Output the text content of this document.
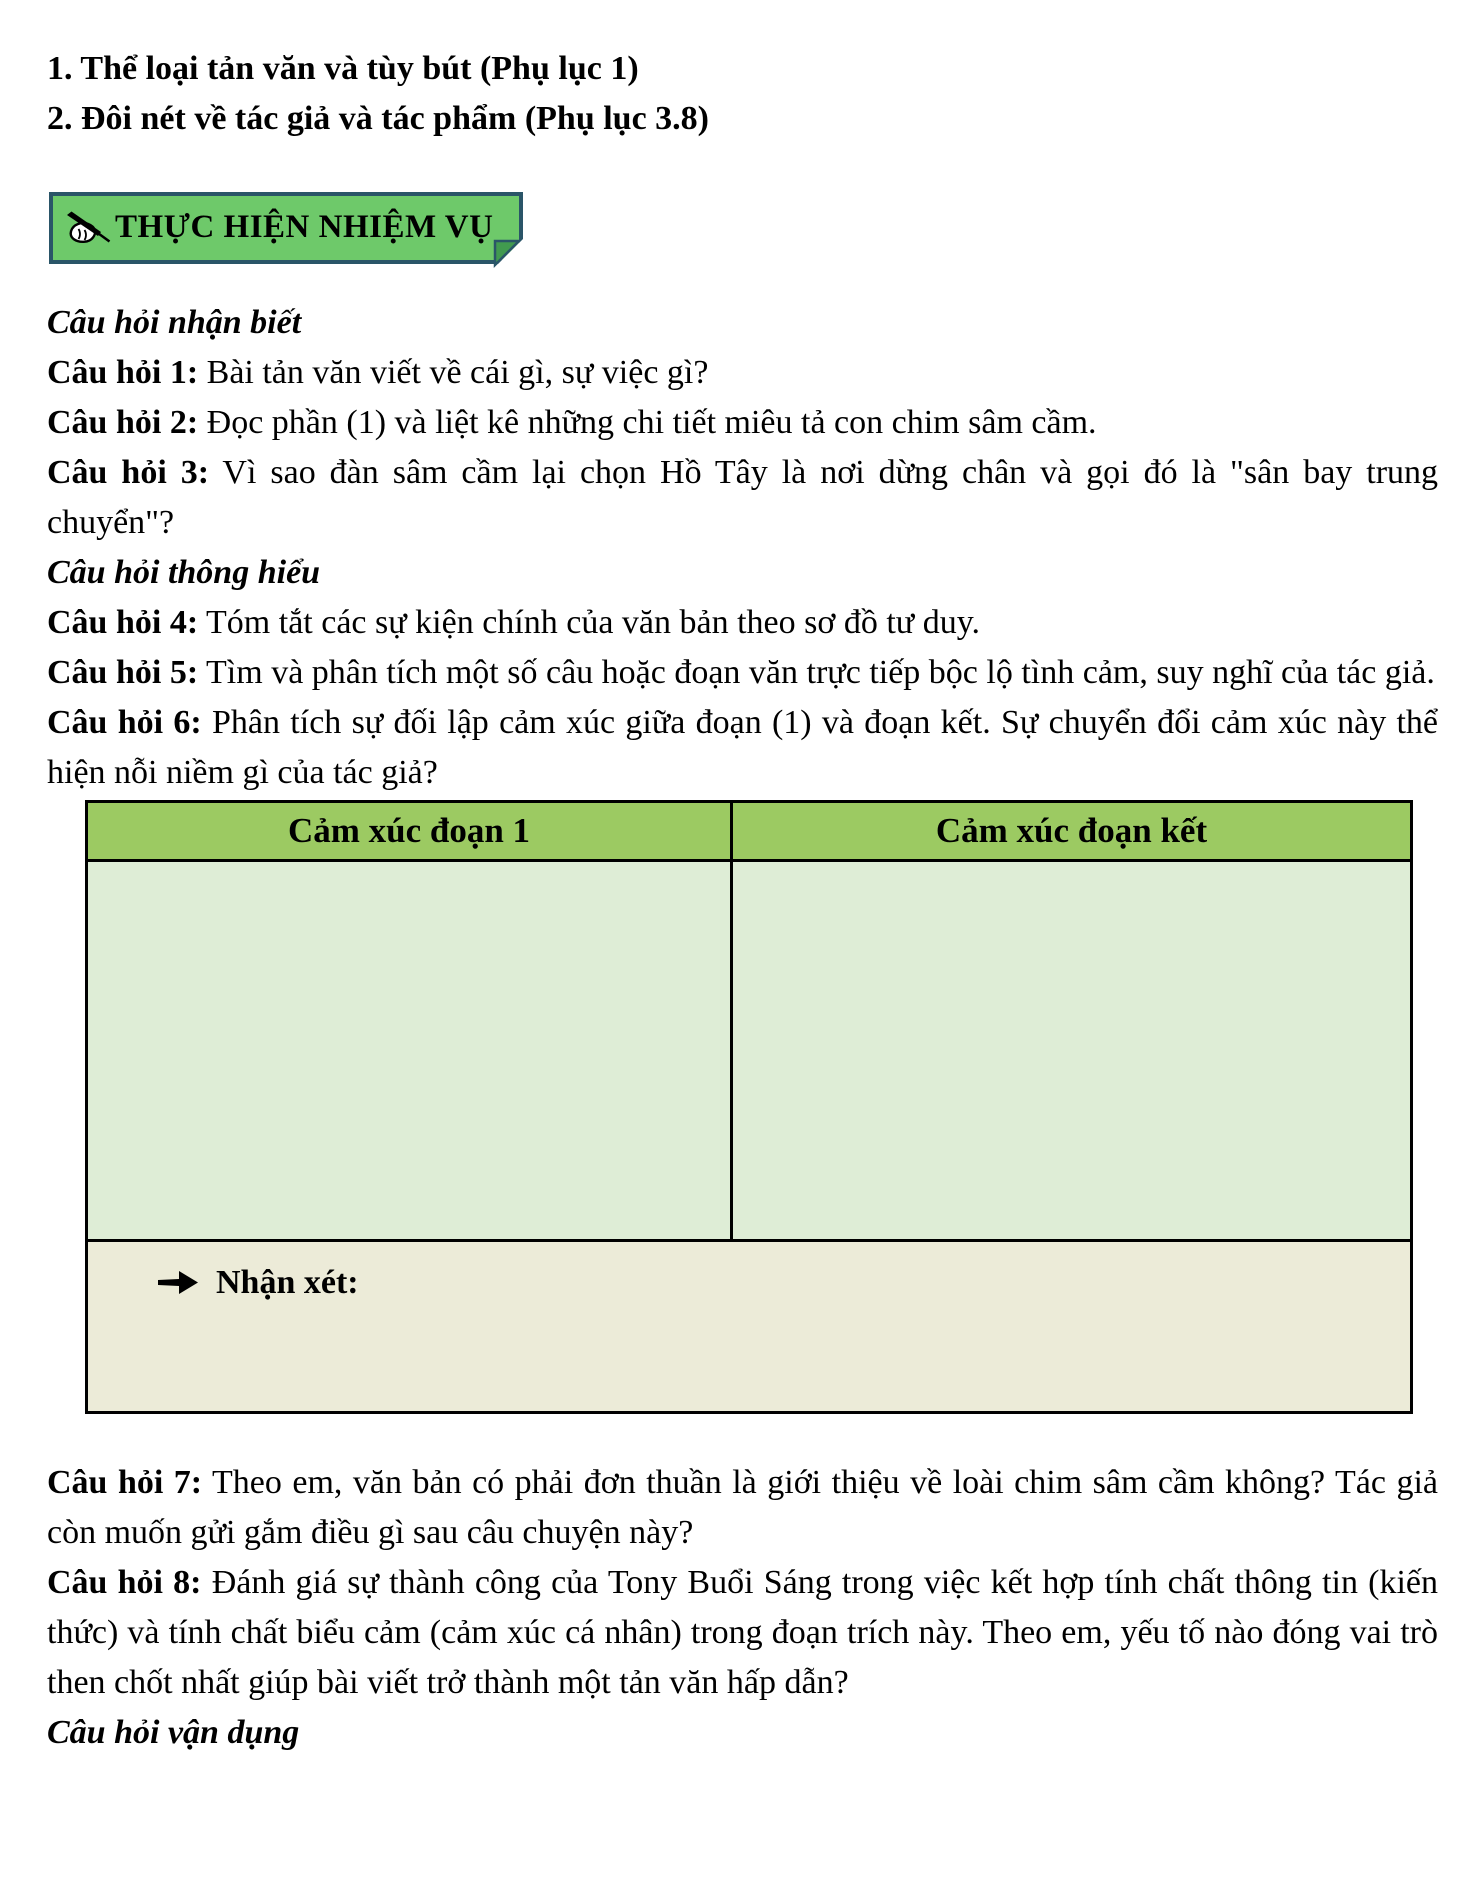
1. Thể loại tản văn và tùy bút (Phụ lục 1)

2. Đôi nét về tác giả và tác phẩm (Phụ lục 3.8)

THỰC HIỆN NHIỆM VỤ

Câu hỏi nhận biết

Câu hỏi 1: Bài tản văn viết về cái gì, sự việc gì?

Câu hỏi 2: Đọc phần (1) và liệt kê những chi tiết miêu tả con chim sâm cầm.

Câu hỏi 3: Vì sao đàn sâm cầm lại chọn Hồ Tây là nơi dừng chân và gọi đó là "sân bay trung chuyển"?

Câu hỏi thông hiểu

Câu hỏi 4: Tóm tắt các sự kiện chính của văn bản theo sơ đồ tư duy.

Câu hỏi 5: Tìm và phân tích một số câu hoặc đoạn văn trực tiếp bộc lộ tình cảm, suy nghĩ của tác giả.

Câu hỏi 6: Phân tích sự đối lập cảm xúc giữa đoạn (1) và đoạn kết. Sự chuyển đổi cảm xúc này thể hiện nỗi niềm gì của tác giả?

Cảm xúc đoạn 1	Cảm xúc đoạn kết

Nhận xét:	

Câu hỏi 7: Theo em, văn bản có phải đơn thuần là giới thiệu về loài chim sâm cầm không? Tác giả còn muốn gửi gắm điều gì sau câu chuyện này?

Câu hỏi 8: Đánh giá sự thành công của Tony Buổi Sáng trong việc kết hợp tính chất thông tin (kiến thức) và tính chất biểu cảm (cảm xúc cá nhân) trong đoạn trích này. Theo em, yếu tố nào đóng vai trò then chốt nhất giúp bài viết trở thành một tản văn hấp dẫn?

Câu hỏi vận dụng
